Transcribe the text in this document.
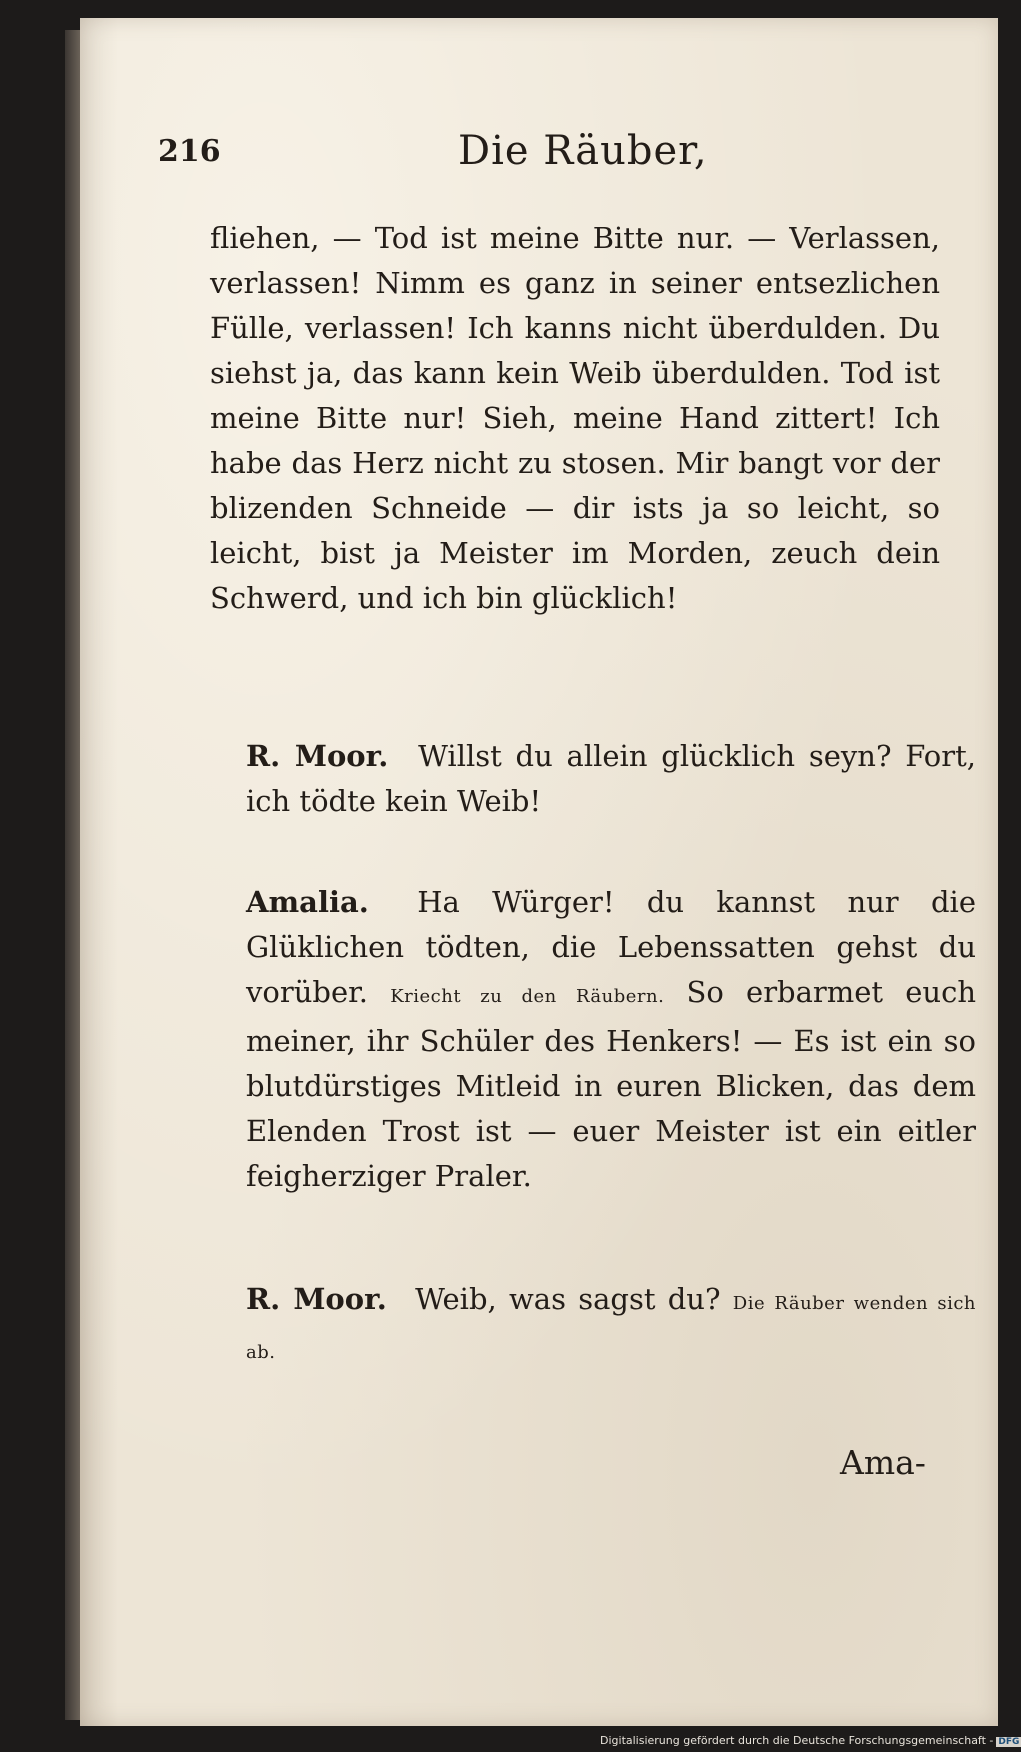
216	Die Räuber,
fliehen, — Tod ist meine Bitte nur. — Verlassen, verlassen! Nimm es ganz in seiner entsezlichen Fülle, verlassen! Ich kanns nicht überdulden. Du siehst ja, das kann kein Weib überdulden. Tod ist meine Bitte nur! Sieh, meine Hand zittert! Ich habe das Herz nicht zu stosen. Mir bangt vor der blizenden Schneide — dir ists ja so leicht, so leicht, bist ja Meister im Morden, zeuch dein Schwerd, und ich bin glücklich!
R. Moor. Willst du allein glücklich seyn? Fort, ich tödte kein Weib!
Amalia. Ha Würger! du kannst nur die Glüklichen tödten, die Lebenssatten gehst du vorüber. Kriecht zu den Räubern. So erbarmet euch meiner, ihr Schüler des Henkers! — Es ist ein so blutdürstiges Mitleid in euren Blicken, das dem Elenden Trost ist — euer Meister ist ein eitler feigherziger Praler.
R. Moor. Weib, was sagst du? Die Räuber wenden sich ab.
Ama-
Digitalisierung gefördert durch die Deutsche Forschungsgemeinschaft - DFG
